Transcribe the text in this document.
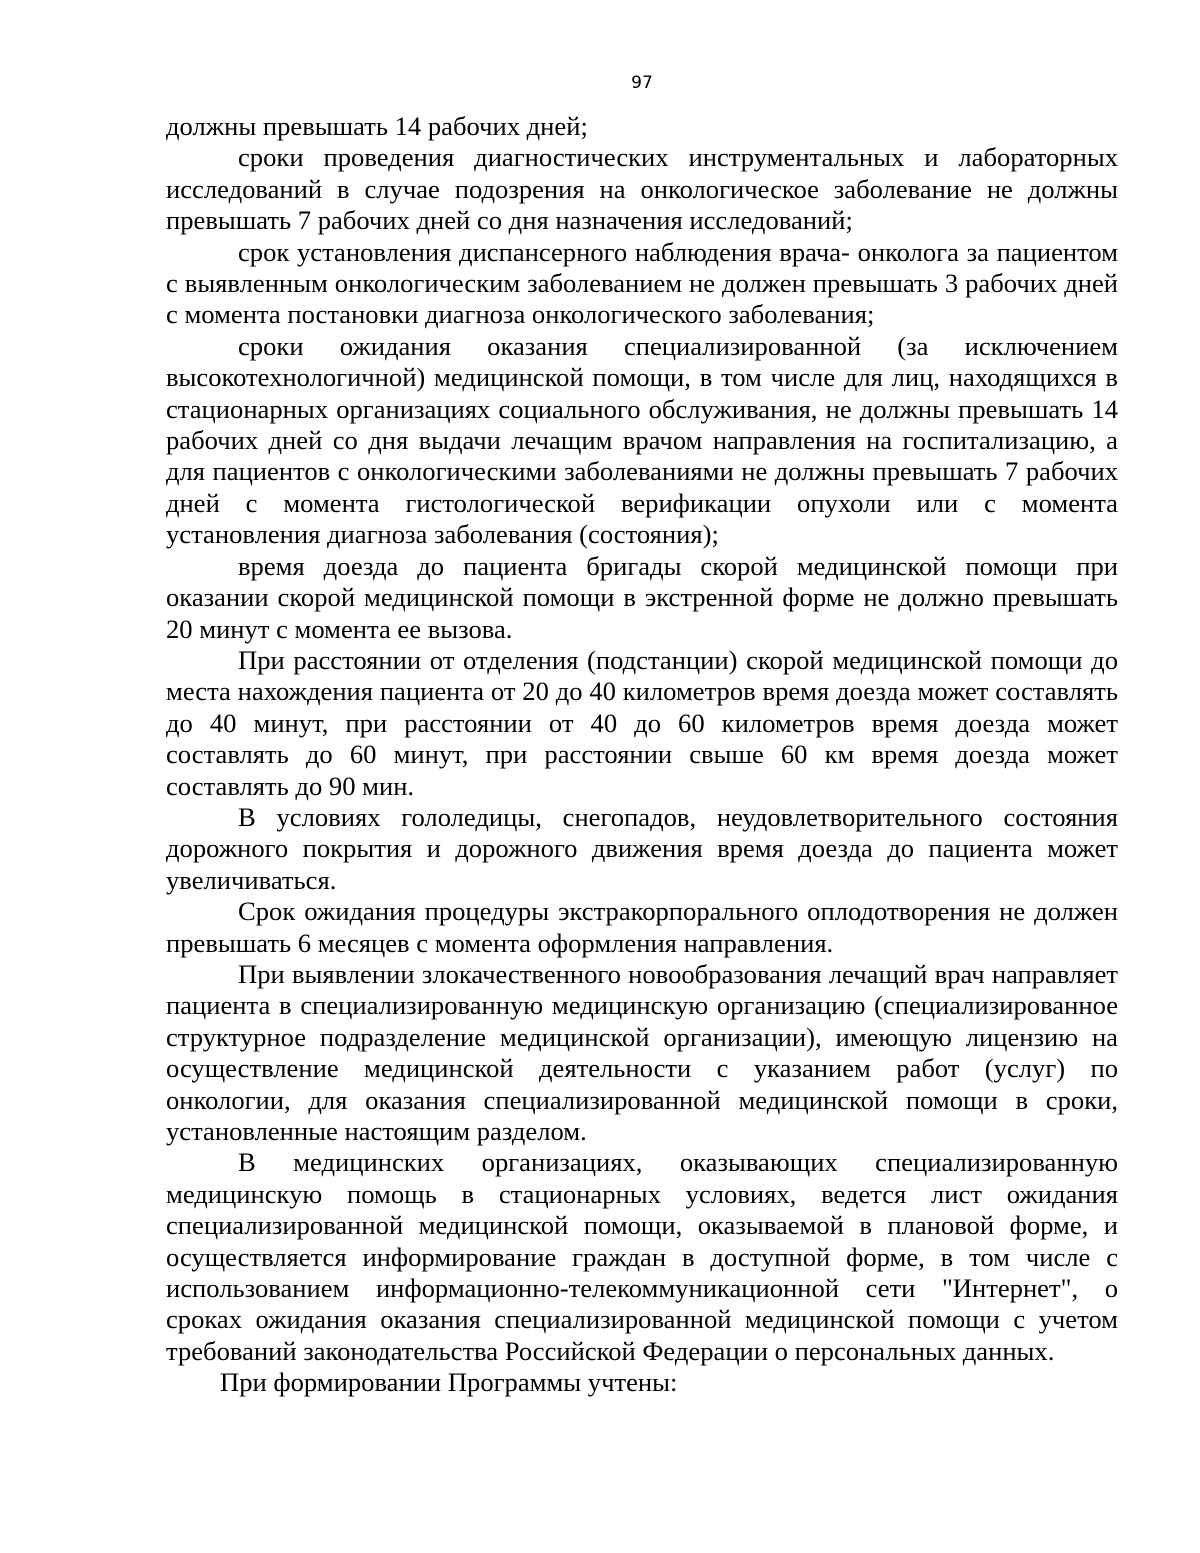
97

должны превышать 14 рабочих дней;

сроки проведения диагностических инструментальных и лабораторных исследований в случае подозрения на онкологическое заболевание не должны превышать 7 рабочих дней со дня назначения исследований;

срок установления диспансерного наблюдения врача- онколога за пациентом с выявленным онкологическим заболеванием не должен превышать 3 рабочих дней с момента постановки диагноза онкологического заболевания;

сроки ожидания оказания специализированной (за исключением высокотехнологичной) медицинской помощи, в том числе для лиц, находящихся в стационарных организациях социального обслуживания, не должны превышать 14 рабочих дней со дня выдачи лечащим врачом направления на госпитализацию, а для пациентов с онкологическими заболеваниями не должны превышать 7 рабочих дней с момента гистологической верификации опухоли или с момента установления диагноза заболевания (состояния);

время доезда до пациента бригады скорой медицинской помощи при оказании скорой медицинской помощи в экстренной форме не должно превышать 20 минут с момента ее вызова.

При расстоянии от отделения (подстанции) скорой медицинской помощи до места нахождения пациента от 20 до 40 километров время доезда может составлять до 40 минут, при расстоянии от 40 до 60 километров время доезда может составлять до 60 минут, при расстоянии свыше 60 км время доезда может составлять до 90 мин.

В условиях гололедицы, снегопадов, неудовлетворительного состояния дорожного покрытия и дорожного движения время доезда до пациента может увеличиваться.

Срок ожидания процедуры экстракорпорального оплодотворения не должен превышать 6 месяцев с момента оформления направления.

При выявлении злокачественного новообразования лечащий врач направляет пациента в специализированную медицинскую организацию (специализированное структурное подразделение медицинской организации), имеющую лицензию на осуществление медицинской деятельности с указанием работ (услуг) по онкологии, для оказания специализированной медицинской помощи в сроки, установленные настоящим разделом.

В медицинских организациях, оказывающих специализированную медицинскую помощь в стационарных условиях, ведется лист ожидания специализированной медицинской помощи, оказываемой в плановой форме, и осуществляется информирование граждан в доступной форме, в том числе с использованием информационно-телекоммуникационной сети "Интернет", о сроках ожидания оказания специализированной медицинской помощи с учетом требований законодательства Российской Федерации о персональных данных.

При формировании Программы учтены:
